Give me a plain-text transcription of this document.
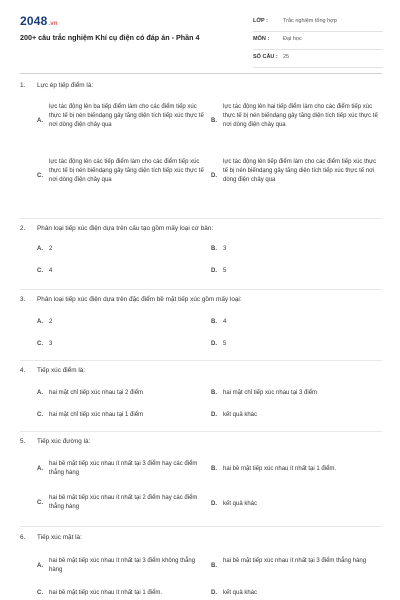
2048.vn
200+ câu trắc nghiệm Khí cụ điện có đáp án - Phần 4
LỚP :	Trắc nghiệm tổng hợp
MÔN :	Đại học
SỐ CÂU : 25
1. Lực ép tiếp điểm là:
A.
lực tác động lên ba tiếp điểm làm cho các điểm tiếp xúc thực tế bị nén biếndạng gây tăng diện tích tiếp xúc thực tế nơi dòng điện chảy qua
B.
lực tác động lên hai tiếp điểm làm cho các điểm tiếp xúc thực tế bị nén biếndạng gây tăng diện tích tiếp xúc thực tế nơi dòng điện chảy qua
C.
lực tác động lên các tiếp điểm làm cho các điểm tiếp xúc thực tế bị nén biếndạng gây tăng diện tích tiếp xúc thực tế nơi dòng điện chảy qua
D.
lực tác động lên tiếp điểm làm cho các điểm tiếp xúc thực tế bị nén biếndạng gây tăng diện tích tiếp xúc thực tế nơi dòng điện chảy qua
2. Phân loại tiếp xúc điện dựa trên cấu tạo gồm mấy loại cơ bản:
A. 2	B. 3
C. 4	D. 5
3. Phân loại tiếp xúc điện dựa trên đặc điểm bề mặt tiếp xúc gồm mấy loại:
A. 2	B. 4
C. 3	D. 5
4. Tiếp xúc điểm là:
A. hai mặt chỉ tiếp xúc nhau tại 2 điểm	B. hai mặt chỉ tiếp xúc nhau tại 3 điểm
C. hai mặt chỉ tiếp xúc nhau tại 1 điểm	D. kết quả khác
5. Tiếp xúc đường là:
A.
hai bề mặt tiếp xúc nhau ít nhất tại 3 điểm hay các điểm thẳng hàng
B. hai bề mặt tiếp xúc nhau ít nhất tại 1 điểm.
C.
hai bề mặt tiếp xúc nhau ít nhất tại 2 điểm hay các điểm thẳng hàng
D. kết quả khác
6. Tiếp xúc mặt là:
A.
hai bề mặt tiếp xúc nhau ít nhất tại 3 điểm không thẳng hàng
B.
hai bề mặt tiếp xúc nhau ít nhất tại 3 điểm thẳng hàng
C. hai bề mặt tiếp xúc nhau ít nhất tại 1 điểm.	D. kết quả khác
